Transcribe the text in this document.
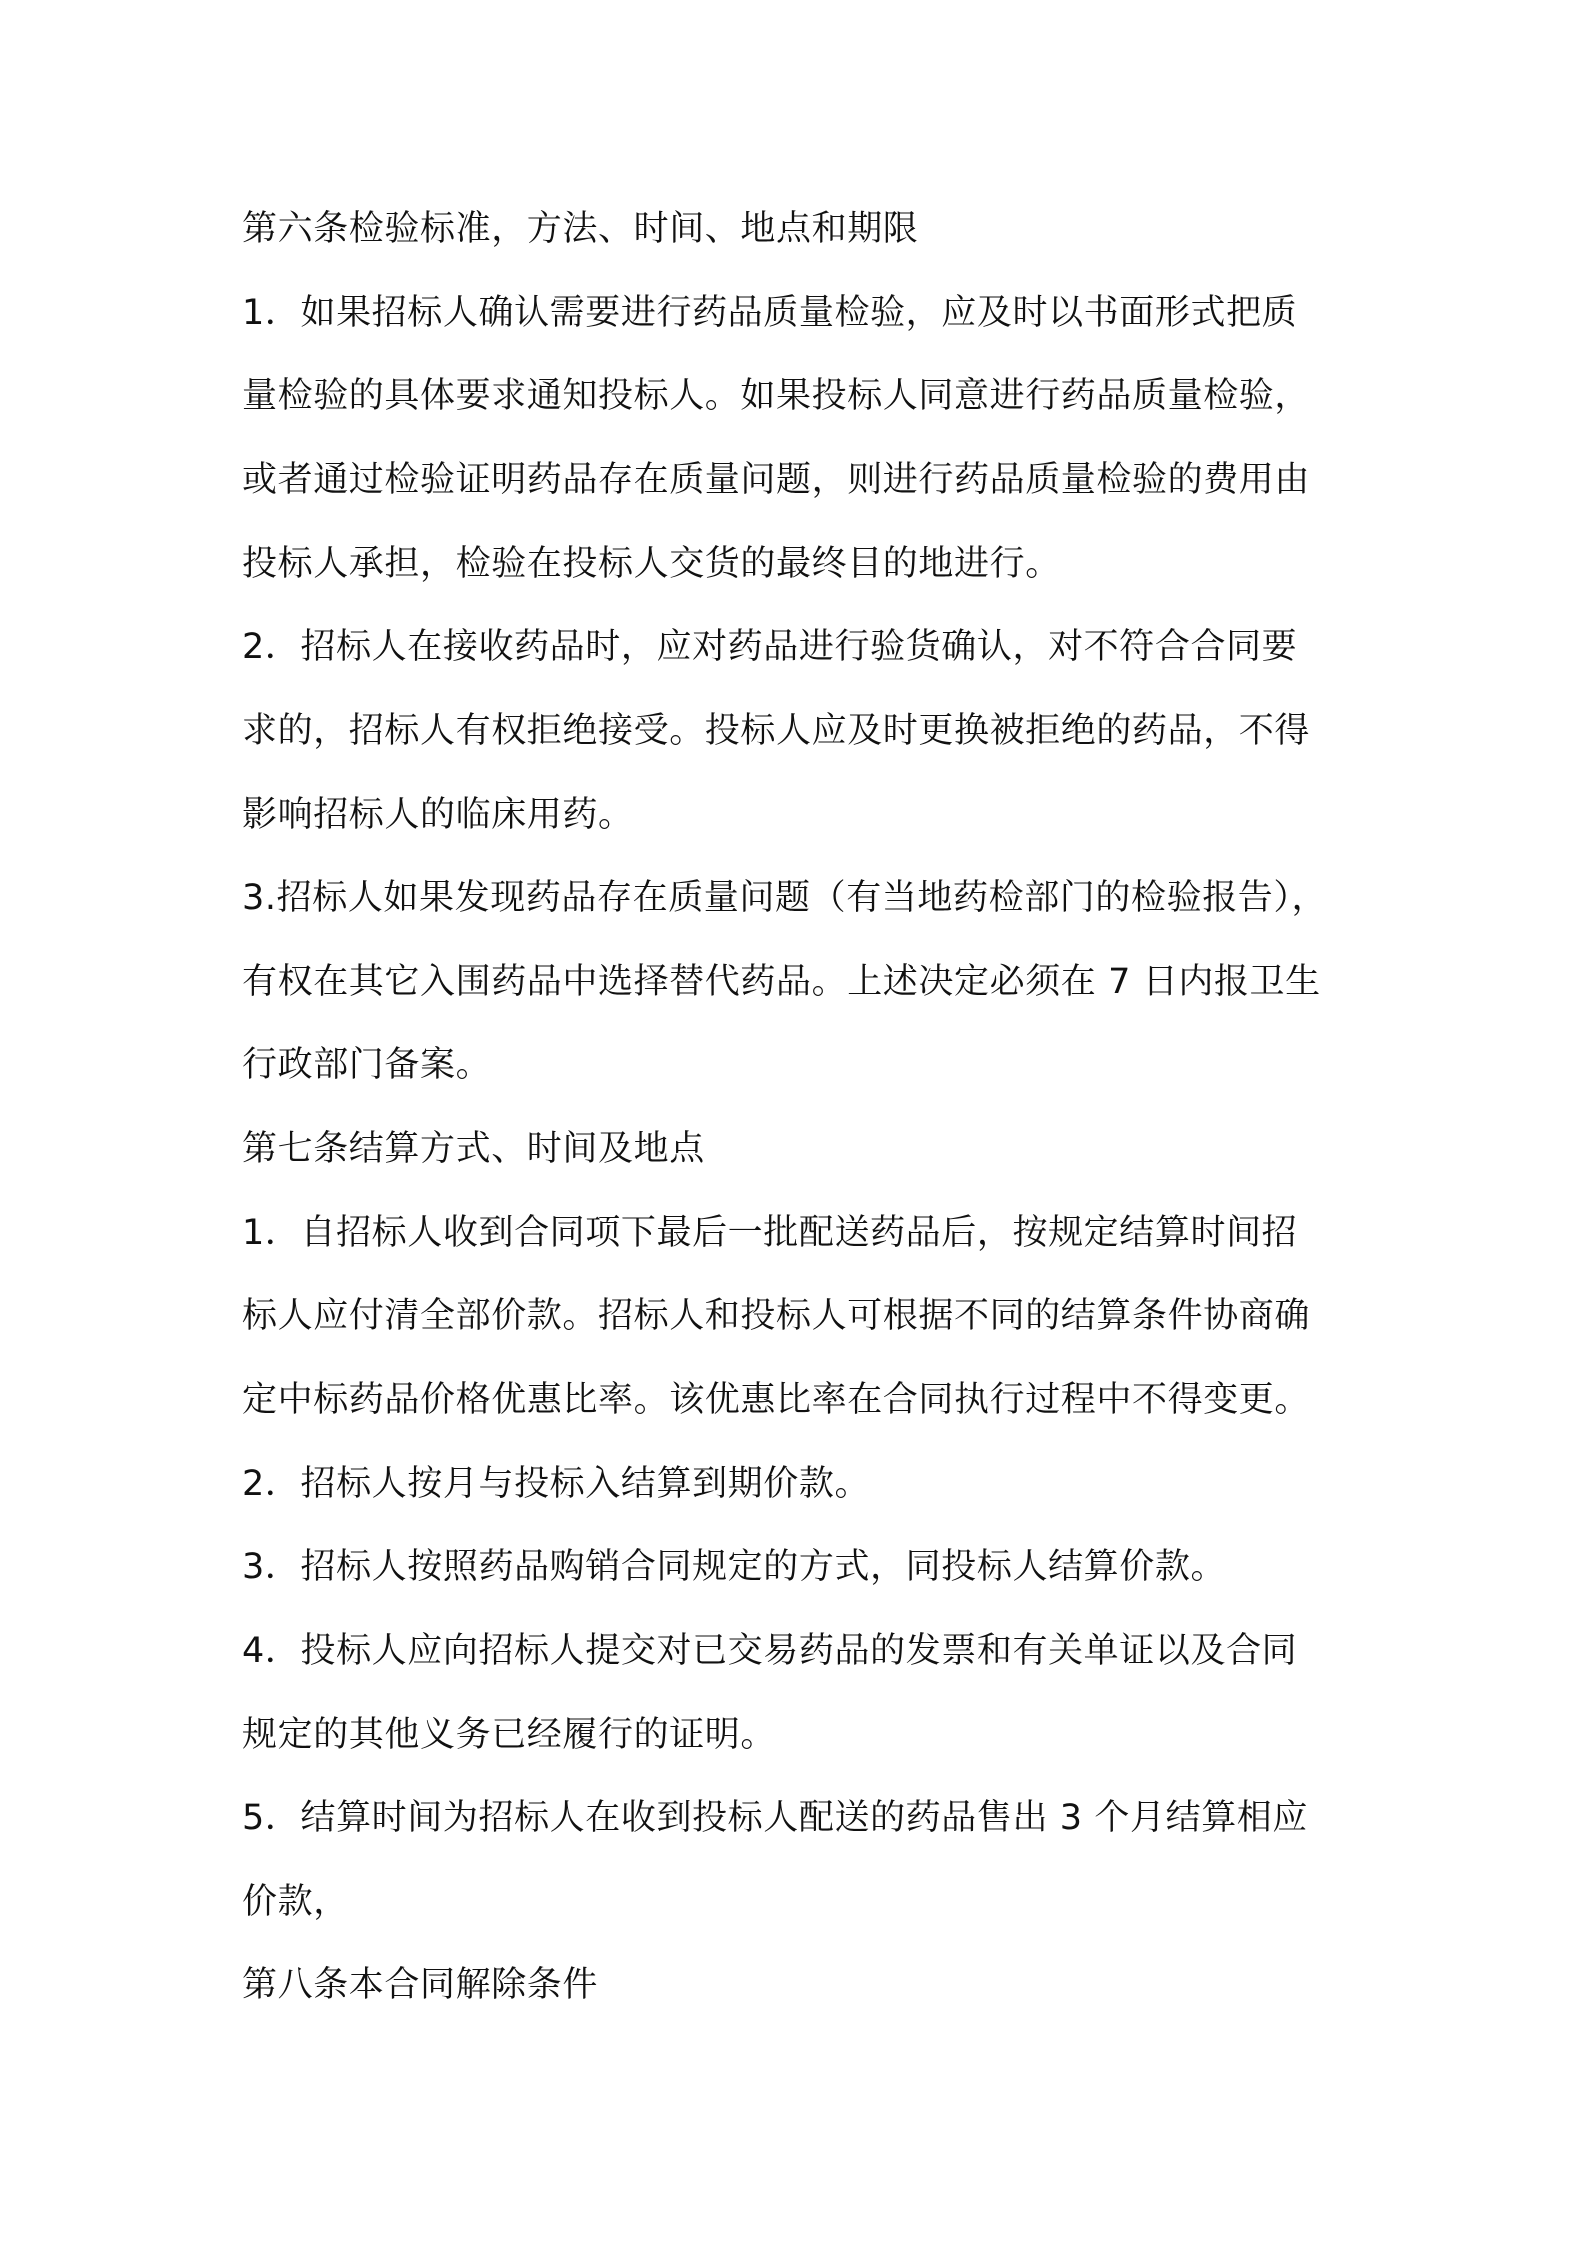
第六条检验标准，方法、时间、地点和期限
1．如果招标人确认需要进行药品质量检验，应及时以书面形式把质
量检验的具体要求通知投标人。如果投标人同意进行药品质量检验，
或者通过检验证明药品存在质量问题，则进行药品质量检验的费用由
投标人承担，检验在投标人交货的最终目的地进行。
2．招标人在接收药品时，应对药品进行验货确认，对不符合合同要
求的，招标人有权拒绝接受。投标人应及时更换被拒绝的药品，不得
影响招标人的临床用药。
3.招标人如果发现药品存在质量问题（有当地药检部门的检验报告），
有权在其它入围药品中选择替代药品。上述决定必须在 7 日内报卫生
行政部门备案。
第七条结算方式、时间及地点
1．自招标人收到合同项下最后一批配送药品后，按规定结算时间招
标人应付清全部价款。招标人和投标人可根据不同的结算条件协商确
定中标药品价格优惠比率。该优惠比率在合同执行过程中不得变更。
2．招标人按月与投标入结算到期价款。
3．招标人按照药品购销合同规定的方式，同投标人结算价款。
4．投标人应向招标人提交对已交易药品的发票和有关单证以及合同
规定的其他义务已经履行的证明。
5．结算时间为招标人在收到投标人配送的药品售出 3 个月结算相应
价款，
第八条本合同解除条件
